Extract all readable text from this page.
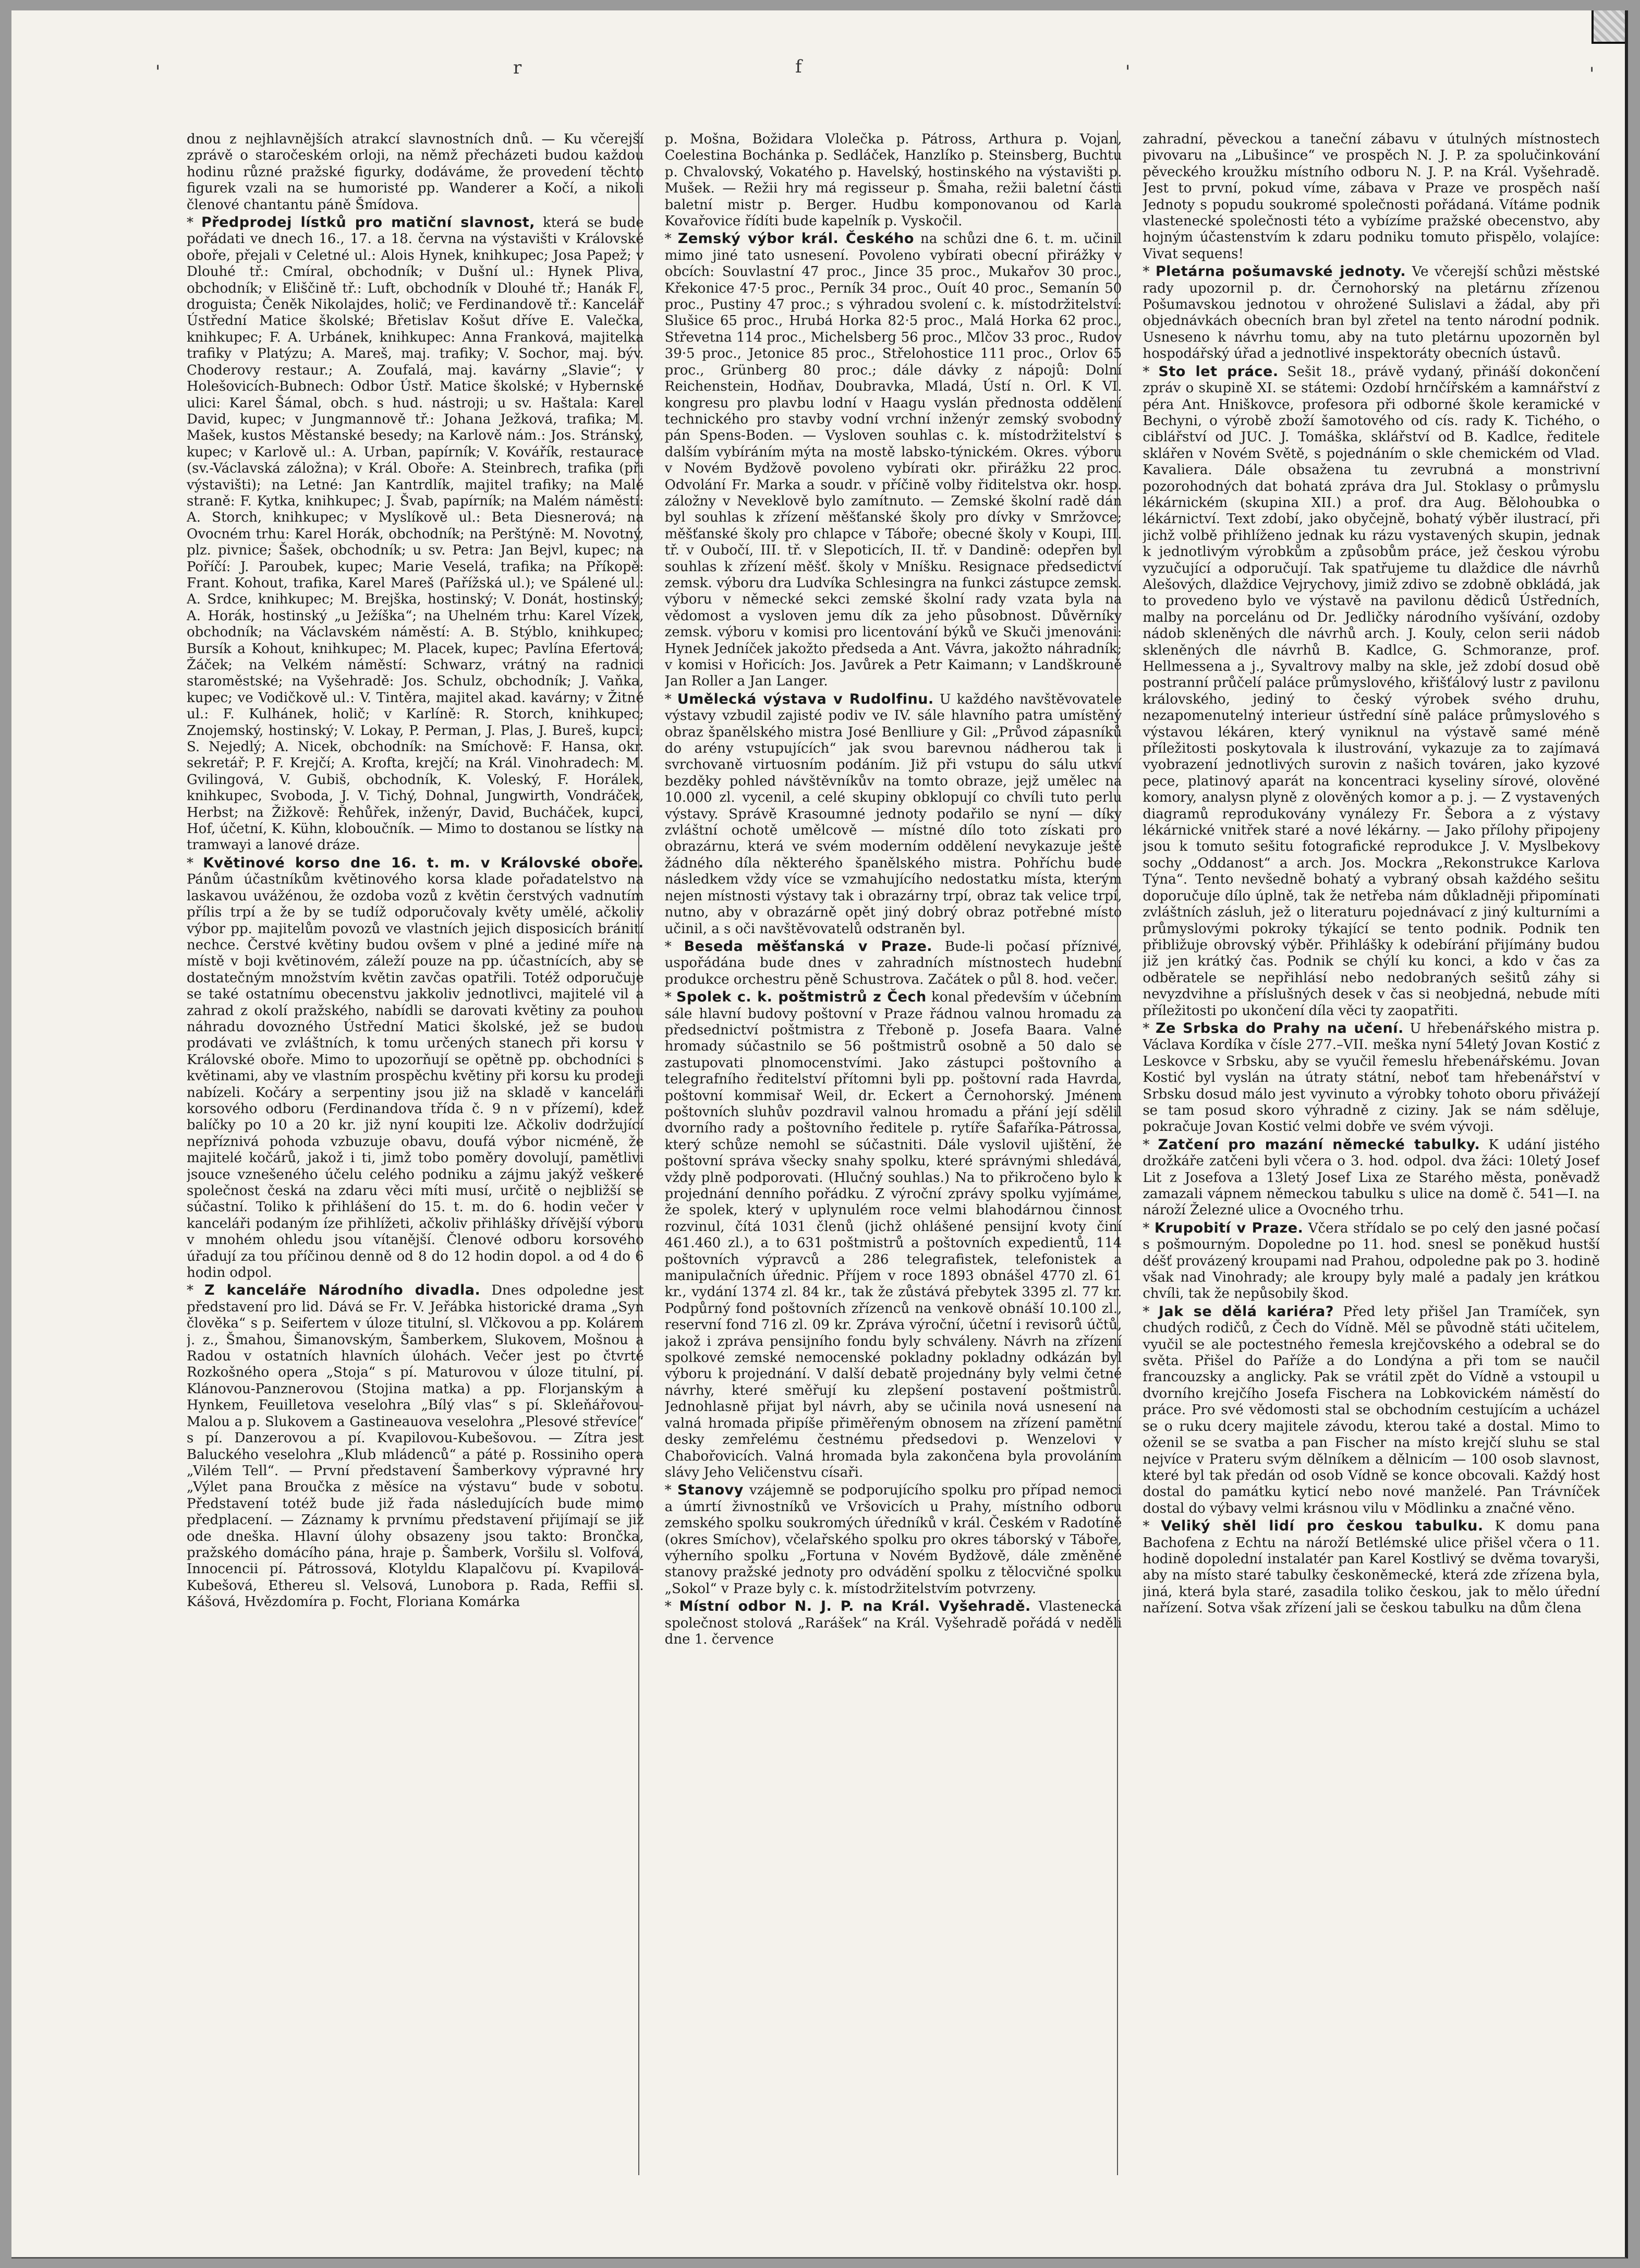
'	r	f	'	'

dnou z nejhlavnějších atrakcí slavnostních dnů. — Ku včerejší zprávě o staročeském orloji, na němž přecházeti budou každou hodinu různé pražské figurky, dodáváme, že provedení těchto figurek vzali na se humoristé pp. Wanderer a Kočí, a nikoli členové chantantu páně Šmídova.

* Předprodej lístků pro matiční slavnost, která se bude pořádati ve dnech 16., 17. a 18. června na výstavišti v Královské oboře, přejali v Celetné ul.: Alois Hynek, knihkupec; Josa Papež; v Dlouhé tř.: Cmíral, obchodník; v Dušní ul.: Hynek Pliva, obchodník; v Eliščině tř.: Luft, obchodník v Dlouhé tř.; Hanák F., droguista; Čeněk Nikolajdes, holič; ve Ferdinandově tř.: Kancelář Ústřední Matice školské; Břetislav Košut dříve E. Valečka, knihkupec; F. A. Urbánek, knihkupec: Anna Franková, majitelka trafiky v Platýzu; A. Mareš, maj. trafiky; V. Sochor, maj. býv. Choderovy restaur.; A. Zoufalá, maj. kavárny „Slavie“; v Holešovicích-Bubnech: Odbor Ústř. Matice školské; v Hybernské ulici: Karel Šámal, obch. s hud. nástroji; u sv. Haštala: Karel David, kupec; v Jungmannově tř.: Johana Ježková, trafika; M. Mašek, kustos Městanské besedy; na Karlově nám.: Jos. Stránský, kupec; v Karlově ul.: A. Urban, papírník; V. Kovářík, restaurace (sv.-Václavská záložna); v Král. Oboře: A. Steinbrech, trafika (při výstavišti); na Letné: Jan Kantrdlík, majitel trafiky; na Malé straně: F. Kytka, knihkupec; J. Švab, papírník; na Malém náměstí: A. Storch, knihkupec; v Myslíkově ul.: Beta Diesnerová; na Ovocném trhu: Karel Horák, obchodník; na Perštýně: M. Novotný, plz. pivnice; Šašek, obchodník; u sv. Petra: Jan Bejvl, kupec; na Poříčí: J. Paroubek, kupec; Marie Veselá, trafika; na Příkopě: Frant. Kohout, trafika, Karel Mareš (Pařížská ul.); ve Spálené ul.: A. Srdce, knihkupec; M. Brejška, hostinský; V. Donát, hostinský; A. Horák, hostinský „u Ježíška“; na Uhelném trhu: Karel Vízek, obchodník; na Václavském náměstí: A. B. Stýblo, knihkupec; Bursík a Kohout, knihkupec; M. Placek, kupec; Pavlína Efertová; Žáček; na Velkém náměstí: Schwarz, vrátný na radnici staroměstské; na Vyšehradě: Jos. Schulz, obchodník; J. Vaňka, kupec; ve Vodičkově ul.: V. Tintěra, majitel akad. kavárny; v Žitné ul.: F. Kulhánek, holič; v Karlíně: R. Storch, knihkupec; Znojemský, hostinský; V. Lokay, P. Perman, J. Plas, J. Bureš, kupci; S. Nejedlý; A. Nicek, obchodník: na Smíchově: F. Hansa, okr. sekretář; P. F. Krejčí; A. Krofta, krejčí; na Král. Vinohradech: M. Gvilingová, V. Gubiš, obchodník, K. Voleský, F. Horálek, knihkupec, Svoboda, J. V. Tichý, Dohnal, Jungwirth, Vondráček, Herbst; na Žižkově: Řehůřek, inženýr, David, Bucháček, kupci, Hof, účetní, K. Kühn, kloboučník. — Mimo to dostanou se lístky na tramwayi a lanové dráze.

* Květinové korso dne 16. t. m. v Královské oboře. Pánům účastníkům květinového korsa klade pořadatelstvo na laskavou uvážénou, že ozdoba vozů z květin čerstvých vadnutím přílis trpí a že by se tudíž odporučovaly květy umělé, ačkoliv výbor pp. majitelům povozů ve vlastních jejich disposicích bránití nechce. Čerstvé květiny budou ovšem v plné a jediné míře na místě v boji květinovém, záleží pouze na pp. účastnících, aby se dostatečným množstvím květin zavčas opatřili. Totéž odporučuje se také ostatnímu obecenstvu jakkoliv jednotlivci, majitelé vil a zahrad z okolí pražského, nabídli se darovati květiny za pouhou náhradu dovozného Ústřední Matici školské, jež se budou prodávati ve zvláštních, k tomu určených stanech při korsu v Královské oboře. Mimo to upozorňují se opětně pp. obchodníci s květinami, aby ve vlastním prospěchu květiny při korsu ku prodeji nabízeli. Kočáry a serpentiny jsou již na skladě v kanceláři korsového odboru (Ferdinandova třída č. 9 n v přízemí), kdež balíčky po 10 a 20 kr. již nyní koupiti lze. Ačkoliv dodržující nepříznivá pohoda vzbuzuje obavu, doufá výbor nicméně, že majitelé kočárů, jakož i ti, jimž tobo poměry dovolují, pamětlivi jsouce vznešeného účelu celého podniku a zájmu jakýž veškeré společnost česká na zdaru věci míti musí, určitě o nejbližší se súčastní. Toliko k přihlášení do 15. t. m. do 6. hodin večer v kanceláři podaným íze přihlížeti, ačkoliv přihlášky dřívější výboru v mnohém ohledu jsou vítanější. Členové odboru korsového úřadují za tou příčinou denně od 8 do 12 hodin dopol. a od 4 do 6 hodin odpol.

* Z kanceláře Národního divadla. Dnes odpoledne jest představení pro lid. Dává se Fr. V. Jeřábka historické drama „Syn člověka“ s p. Seifertem v úloze titulní, sl. Vlčkovou a pp. Kolárem j. z., Šmahou, Šimanovským, Šamberkem, Slukovem, Mošnou a Radou v ostatních hlavních úlohách. Večer jest po čtvrté Rozkošného opera „Stoja“ s pí. Maturovou v úloze titulní, pí. Klánovou-Panznerovou (Stojina matka) a pp. Florjanským a Hynkem, Feuilletova veselohra „Bílý vlas“ s pí. Skleňářovou-Malou a p. Slukovem a Gastineauova veselohra „Plesové střevíce“ s pí. Danzerovou a pí. Kvapilovou-Kubešovou. — Zítra jest Baluckého veselohra „Klub mládenců“ a páté p. Rossiniho opera „Vilém Tell“. — První představení Šamberkovy výpravné hry „Výlet pana Broučka z měsíce na výstavu“ bude v sobotu. Představení totéž bude již řada následujících bude mimo předplacení. — Záznamy k prvnímu představení přijímají se již ode dneška. Hlavní úlohy obsazeny jsou takto: Brončka, pražského domácího pána, hraje p. Šamberk, Voršilu sl. Volfová, Innocencii pí. Pátrossová, Klotyldu Klapalčovu pí. Kvapilová-Kubešová, Ethereu sl. Velsová, Lunobora p. Rada, Reffii sl. Kášová, Hvězdomíra p. Focht, Floriana Komárka

p. Mošna, Božidara Vlolečka p. Pátross, Arthura p. Vojan, Coelestina Bochánka p. Sedláček, Hanzlíko p. Steinsberg, Buchtu p. Chvalovský, Vokatého p. Havelský, hostinského na výstavišti p. Mušek. — Režii hry má regisseur p. Šmaha, režii baletní části baletní mistr p. Berger. Hudbu komponovanou od Karla Kovařovice řídíti bude kapelník p. Vyskočil.

* Zemský výbor král. Českého na schůzi dne 6. t. m. učinil mimo jiné tato usnesení. Povoleno vybírati obecní přirážky v obcích: Souvlastní 47 proc., Jince 35 proc., Mukařov 30 proc., Křekonice 47·5 proc., Perník 34 proc., Ouít 40 proc., Semanín 50 proc., Pustiny 47 proc.; s výhradou svolení c. k. místodržitelství: Slušice 65 proc., Hrubá Horka 82·5 proc., Malá Horka 62 proc., Střevetna 114 proc., Michelsberg 56 proc., Mlčov 33 proc., Rudov 39·5 proc., Jetonice 85 proc., Střelohostice 111 proc., Orlov 65 proc., Grünberg 80 proc.; dále dávky z nápojů: Dolní Reichenstein, Hodňav, Doubravka, Mladá, Ústí n. Orl. K VI. kongresu pro plavbu lodní v Haagu vyslán přednosta oddělení technického pro stavby vodní vrchní inženýr zemský svobodný pán Spens-Boden. — Vysloven souhlas c. k. místodržitelství s dalším vybíráním mýta na mostě labsko-týnickém. Okres. výboru v Novém Bydžově povoleno vybírati okr. přirážku 22 proc. Odvolání Fr. Marka a soudr. v příčině volby řiditelstva okr. hosp. záložny v Neveklově bylo zamítnuto. — Zemské školní radě dán byl souhlas k zřízení měšťanské školy pro dívky v Smržovce; měšťanské školy pro chlapce v Táboře; obecné školy v Koupi, III. tř. v Oubočí, III. tř. v Slepoticích, II. tř. v Dandině: odepřen byl souhlas k zřízení měšť. školy v Mníšku. Resignace předsedictví zemsk. výboru dra Ludvíka Schlesingra na funkci zástupce zemsk. výboru v německé sekci zemské školní rady vzata byla na vědomost a vysloven jemu dík za jeho působnost. Důvěrníky zemsk. výboru v komisi pro licentování býků ve Skuči jmenováni: Hynek Jedníček jakožto předseda a Ant. Vávra, jakožto náhradník; v komisi v Hořicích: Jos. Javůrek a Petr Kaimann; v Landškrouně Jan Roller a Jan Langer.

* Umělecká výstava v Rudolfinu. U každého navštěvovatele výstavy vzbudil zajisté podiv ve IV. sále hlavního patra umístěný obraz španělského mistra José Benlliure y Gil: „Průvod zápasníků do arény vstupujících“ jak svou barevnou nádherou tak i svrchovaně virtuosním podáním. Již při vstupu do sálu utkví bezděky pohled návštěvníkův na tomto obraze, jejž umělec na 10.000 zl. vycenil, a celé skupiny obklopují co chvíli tuto perlu výstavy. Správě Krasoumné jednoty podařilo se nyní — díky zvláštní ochotě umělcově — místné dílo toto získati pro obrazárnu, která ve svém moderním oddělení nevykazuje ještě žádného díla některého španělského mistra. Pohříchu bude následkem vždy více se vzmahujícího nedostatku místa, kterým nejen místnosti výstavy tak i obrazárny trpí, obraz tak velice trpí, nutno, aby v obrazárně opět jiný dobrý obraz potřebné místo učinil, a s oči navštěvovatelů odstraněn byl.

* Beseda měšťanská v Praze. Bude-li počasí příznivé, uspořádána bude dnes v zahradních místnostech hudební produkce orchestru pěně Schustrova. Začátek o půl 8. hod. večer.

* Spolek c. k. poštmistrů z Čech konal především v účebním sále hlavní budovy poštovní v Praze řádnou valnou hromadu za předsednictví poštmistra z Třeboně p. Josefa Baara. Valné hromady súčastnilo se 56 poštmistrů osobně a 50 dalo se zastupovati plnomocenstvími. Jako zástupci poštovního a telegrafního ředitelství přítomni byli pp. poštovní rada Havrda, poštovní kommisař Weil, dr. Eckert a Černohorský. Jménem poštovních sluhův pozdravil valnou hromadu a přání její sdělil dvorního rady a poštovního ředitele p. rytíře Šafaříka-Pátrossa, který schůze nemohl se súčastniti. Dále vyslovil ujištění, že poštovní správa všecky snahy spolku, které správnými shledává, vždy plně podporovati. (Hlučný souhlas.) Na to přikročeno bylo k projednání denního pořádku. Z výroční zprávy spolku vyjímáme, že spolek, který v uplynulém roce velmi blahodárnou činnost rozvinul, čítá 1031 členů (jichž ohlášené pensijní kvoty činí 461.460 zl.), a to 631 poštmistrů a poštovních expedientů, 114 poštovních výpravců a 286 telegrafistek, telefonistek a manipulačních úřednic. Příjem v roce 1893 obnášel 4770 zl. 61 kr., vydání 1374 zl. 84 kr., tak že zůstává přebytek 3395 zl. 77 kr. Podpůrný fond poštovních zřízenců na venkově obnáší 10.100 zl., reservní fond 716 zl. 09 kr. Zpráva výroční, účetní i revisorů účtů, jakož i zpráva pensijního fondu byly schváleny. Návrh na zřízení spolkové zemské nemocenské pokladny pokladny odkázán byl výboru k projednání. V další debatě projednány byly velmi četné návrhy, které směřují ku zlepšení postavení poštmistrů. Jednohlasně přijat byl návrh, aby se učinila nová usnesení na valná hromada připíše přiměřeným obnosem na zřízení pamětní desky zemřelému čestnému předsedovi p. Wenzelovi v Chabořovicích. Valná hromada byla zakončena byla provoláním slávy Jeho Veličenstvu císaři.

* Stanovy vzájemně se podporujícího spolku pro případ nemoci a úmrtí živnostníků ve Vršovicích u Prahy, místního odboru zemského spolku soukromých úředníků v král. Českém v Radotíně (okres Smíchov), včelařského spolku pro okres táborský v Táboře, výherního spolku „Fortuna v Novém Bydžově, dále změněné stanovy pražské jednoty pro odvádění spolku z tělocvičné spolku „Sokol“ v Praze byly c. k. místodržitelstvím potvrzeny.

* Místní odbor N. J. P. na Král. Vyšehradě. Vlastenecká společnost stolová „Rarášek“ na Král. Vyšehradě pořádá v neděli dne 1. července

zahradní, pěveckou a taneční zábavu v útulných místnostech pivovaru na „Libušince“ ve prospěch N. J. P. za spolučinkování pěveckého kroužku místního odboru N. J. P. na Král. Vyšehradě. Jest to první, pokud víme, zábava v Praze ve prospěch naší Jednoty s popudu soukromé společnosti pořádaná. Vítáme podnik vlastenecké společnosti této a vybízíme pražské obecenstvo, aby hojným účastenstvím k zdaru podniku tomuto přispělo, volajíce: Vivat sequens!

* Pletárna pošumavské jednoty. Ve včerejší schůzi městské rady upozornil p. dr. Černohorský na pletárnu zřízenou Pošumavskou jednotou v ohrožené Sulislavi a žádal, aby při objednávkách obecních bran byl zřetel na tento národní podnik. Usneseno k návrhu tomu, aby na tuto pletárnu upozorněn byl hospodářský úřad a jednotlivé inspektoráty obecních ústavů.

* Sto let práce. Sešit 18., právě vydaný, přináší dokončení zpráv o skupině XI. se státemi: Ozdobí hrnčířském a kamnářství z péra Ant. Hniškovce, profesora při odborné škole keramické v Bechyni, o výrobě zboží šamotového od cís. rady K. Tichého, o ciblářství od JUC. J. Tomáška, sklářství od B. Kadlce, ředitele sklářen v Novém Světě, s pojednáním o skle chemickém od Vlad. Kavaliera. Dále obsažena tu zevrubná a monstrivní pozorohodných dat bohatá zpráva dra Jul. Stoklasy o průmyslu lékárnickém (skupina XII.) a prof. dra Aug. Bělohoubka o lékárnictví. Text zdobí, jako obyčejně, bohatý výběr ilustrací, při jichž volbě přihlíženo jednak ku rázu vystavených skupin, jednak k jednotlivým výrobkům a způsobům práce, jež českou výrobu vyzučující a odporučují. Tak spatřujeme tu dlaždice dle návrhů Alešových, dlaždice Vejrychovy, jimiž zdivo se zdobně obkládá, jak to provedeno bylo ve výstavě na pavilonu dědiců Ústředních, malby na porcelánu od Dr. Jedličky národního vyšívání, ozdoby nádob skleněných dle návrhů arch. J. Kouly, celon serii nádob skleněných dle návrhů B. Kadlce, G. Schmoranze, prof. Hellmessena a j., Syvaltrovy malby na skle, jež zdobí dosud obě postranní průčelí paláce průmyslového, křišťálový lustr z pavilonu královského, jediný to český výrobek svého druhu, nezapomenutelný interieur ústřední síně paláce průmyslového s výstavou lékáren, který vyniknul na výstavě samé méně příležitosti poskytovala k ilustrování, vykazuje za to zajímavá vyobrazení jednotlivých surovin z našich továren, jako kyzové pece, platinový aparát na koncentraci kyseliny sírové, olověné komory, analysn plyně z olověných komor a p. j. — Z vystavených diagramů reprodukovány vynálezy Fr. Šebora a z výstavy lékárnické vnitřek staré a nové lékárny. — Jako přílohy připojeny jsou k tomuto sešitu fotografické reprodukce J. V. Myslbekovy sochy „Oddanost“ a arch. Jos. Mockra „Rekonstrukce Karlova Týna“. Tento nevšedně bohatý a vybraný obsah každého sešitu doporučuje dílo úplně, tak že netřeba nám důkladněji připomínati zvláštních zásluh, jež o literaturu pojednávací z jiný kulturními a průmyslovými pokroky týkající se tento podnik. Podnik ten přibližuje obrovský výběr. Přihlášky k odebírání přijímány budou již jen krátký čas. Podnik se chýlí ku konci, a kdo v čas za odběratele se nepřihlásí nebo nedobraných sešitů záhy si nevyzdvihne a příslušných desek v čas si neobjedná, nebude míti příležitosti po ukončení díla věci ty zaopatřiti.

* Ze Srbska do Prahy na učení. U hřebenářského mistra p. Václava Kordíka v čísle 277.–VII. meška nyní 54letý Jovan Kostić z Leskovce v Srbsku, aby se vyučil řemeslu hřebenářskému. Jovan Kostić byl vyslán na útraty státní, neboť tam hřebenářství v Srbsku dosud málo jest vyvinuto a výrobky tohoto oboru přivážejí se tam posud skoro výhradně z ciziny. Jak se nám sděluje, pokračuje Jovan Kostić velmi dobře ve svém vývoji.

* Zatčení pro mazání německé tabulky. K udání jistého drožkáře zatčeni byli včera o 3. hod. odpol. dva žáci: 10letý Josef Lit z Josefova a 13letý Josef Lixa ze Starého města, poněvadž zamazali vápnem německou tabulku s ulice na domě č. 541—I. na nároží Železné ulice a Ovocného trhu.

* Krupobití v Praze. Včera střídalo se po celý den jasné počasí s pošmourným. Dopoledne po 11. hod. snesl se poněkud hustší déšť provázený kroupami nad Prahou, odpoledne pak po 3. hodině však nad Vinohrady; ale kroupy byly malé a padaly jen krátkou chvíli, tak že nepůsobily škod.

* Jak se dělá kariéra? Před lety přišel Jan Tramíček, syn chudých rodičů, z Čech do Vídně. Měl se původně státi učitelem, vyučil se ale poctestného řemesla krejčovského a odebral se do světa. Přišel do Paříže a do Londýna a při tom se naučil francouzsky a anglicky. Pak se vrátil zpět do Vídně a vstoupil u dvorního krejčího Josefa Fischera na Lobkovickém náměstí do práce. Pro své vědomosti stal se obchodním cestujícím a ucházel se o ruku dcery majitele závodu, kterou také a dostal. Mimo to oženil se se svatba a pan Fischer na místo krejčí sluhu se stal nejvíce v Prateru svým dělníkem a dělnicím — 100 osob slavnost, které byl tak předán od osob Vídně se konce obcovali. Každý host dostal do památku kyticí nebo nové manželé. Pan Trávníček dostal do výbavy velmi krásnou vilu v Mödlinku a značné věno.

* Veliký shěl lidí pro českou tabulku. K domu pana Bachofena z Echtu na nároží Betlémské ulice přišel včera o 11. hodině dopolední instalatér pan Karel Kostlivý se dvěma tovaryši, aby na místo staré tabulky českoněmecké, která zde zřízena byla, jiná, která byla staré, zasadila toliko českou, jak to mělo úřední nařízení. Sotva však zřízení jali se českou tabulku na dům člena
